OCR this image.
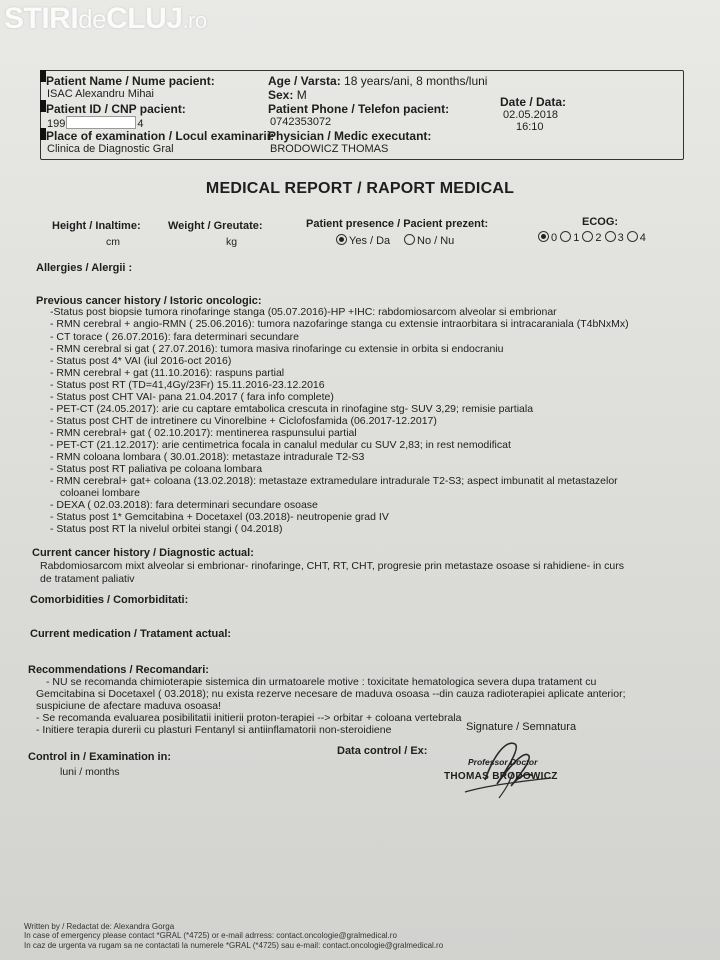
STIRIdeCLUJ.ro
Patient Name / Nume pacient:
ISAC Alexandru Mihai
Patient ID / CNP pacient:
199	4
Place of examination / Locul examinarii:
Clinica de Diagnostic Gral
Age / Varsta: 18 years/ani, 8 months/luni
Sex: M
Patient Phone / Telefon pacient:
0742353072
Physician / Medic executant:
BRODOWICZ THOMAS
Date / Data:
02.05.2018
16:10
MEDICAL REPORT / RAPORT MEDICAL
Height / Inaltime:
cm
Weight / Greutate:
kg
Patient presence / Pacient prezent:
Yes / Da	No / Nu
ECOG:
0 1 2 3 4
Allergies / Alergii :
Previous cancer history / Istoric oncologic:
-Status post biopsie tumora rinofaringe stanga (05.07.2016)-HP +IHC: rabdomiosarcom alveolar si embrionar
- RMN cerebral + angio-RMN ( 25.06.2016): tumora nazofaringe stanga cu extensie intraorbitara si intracaraniala (T4bNxMx)
- CT torace ( 26.07.2016): fara determinari secundare
- RMN cerebral si gat ( 27.07.2016): tumora masiva rinofaringe cu extensie in orbita si endocraniu
- Status post 4* VAI (iul 2016-oct 2016)
- RMN cerebral + gat (11.10.2016): raspuns partial
- Status post RT (TD=41,4Gy/23Fr) 15.11.2016-23.12.2016
- Status post CHT VAI- pana 21.04.2017 ( fara info complete)
- PET-CT (24.05.2017): arie cu captare emtabolica crescuta in rinofagine stg- SUV 3,29; remisie partiala
- Status post CHT de intretinere cu Vinorelbine + Ciclofosfamida (06.2017-12.2017)
- RMN cerebral+ gat ( 02.10.2017): mentinerea raspunsului partial
- PET-CT (21.12.2017): arie centimetrica focala in canalul medular cu SUV 2,83; in rest nemodificat
- RMN coloana lombara ( 30.01.2018): metastaze intradurale T2-S3
- Status post RT paliativa pe coloana lombara
- RMN cerebral+ gat+ coloana (13.02.2018): metastaze extramedulare intradurale T2-S3; aspect imbunatit al metastazelor
coloanei lombare
- DEXA ( 02.03.2018): fara determinari secundare osoase
- Status post 1* Gemcitabina + Docetaxel (03.2018)- neutropenie grad IV
- Status post RT la nivelul orbitei stangi ( 04.2018)
Current cancer history / Diagnostic actual:
Rabdomiosarcom mixt alveolar si embrionar- rinofaringe, CHT, RT, CHT, progresie prin metastaze osoase si rahidiene- in curs
de tratament paliativ
Comorbidities / Comorbiditati:
Current medication / Tratament actual:
Recommendations / Recomandari:
- NU se recomanda chimioterapie sistemica din urmatoarele motive : toxicitate hematologica severa dupa tratament cu
Gemcitabina si Docetaxel ( 03.2018); nu exista rezerve necesare de maduva osoasa --din cauza radioterapiei aplicate anterior;
suspiciune de afectare maduva osoasa!
- Se recomanda evaluarea posibilitatii initierii proton-terapiei --> orbitar + coloana vertebrala
- Initiere terapia durerii cu plasturi Fentanyl si antiinflamatorii non-steroidiene	Signature / Semnatura
Control in / Examination in:
luni / months
Data control / Ex:
Professor Doctor
THOMAS BRODOWICZ
Written by / Redactat de: Alexandra Gorga
In case of emergency please contact *GRAL (*4725) or e-mail adrress: contact.oncologie@gralmedical.ro
In caz de urgenta va rugam sa ne contactati la numerele *GRAL (*4725) sau e-mail: contact.oncologie@gralmedical.ro
